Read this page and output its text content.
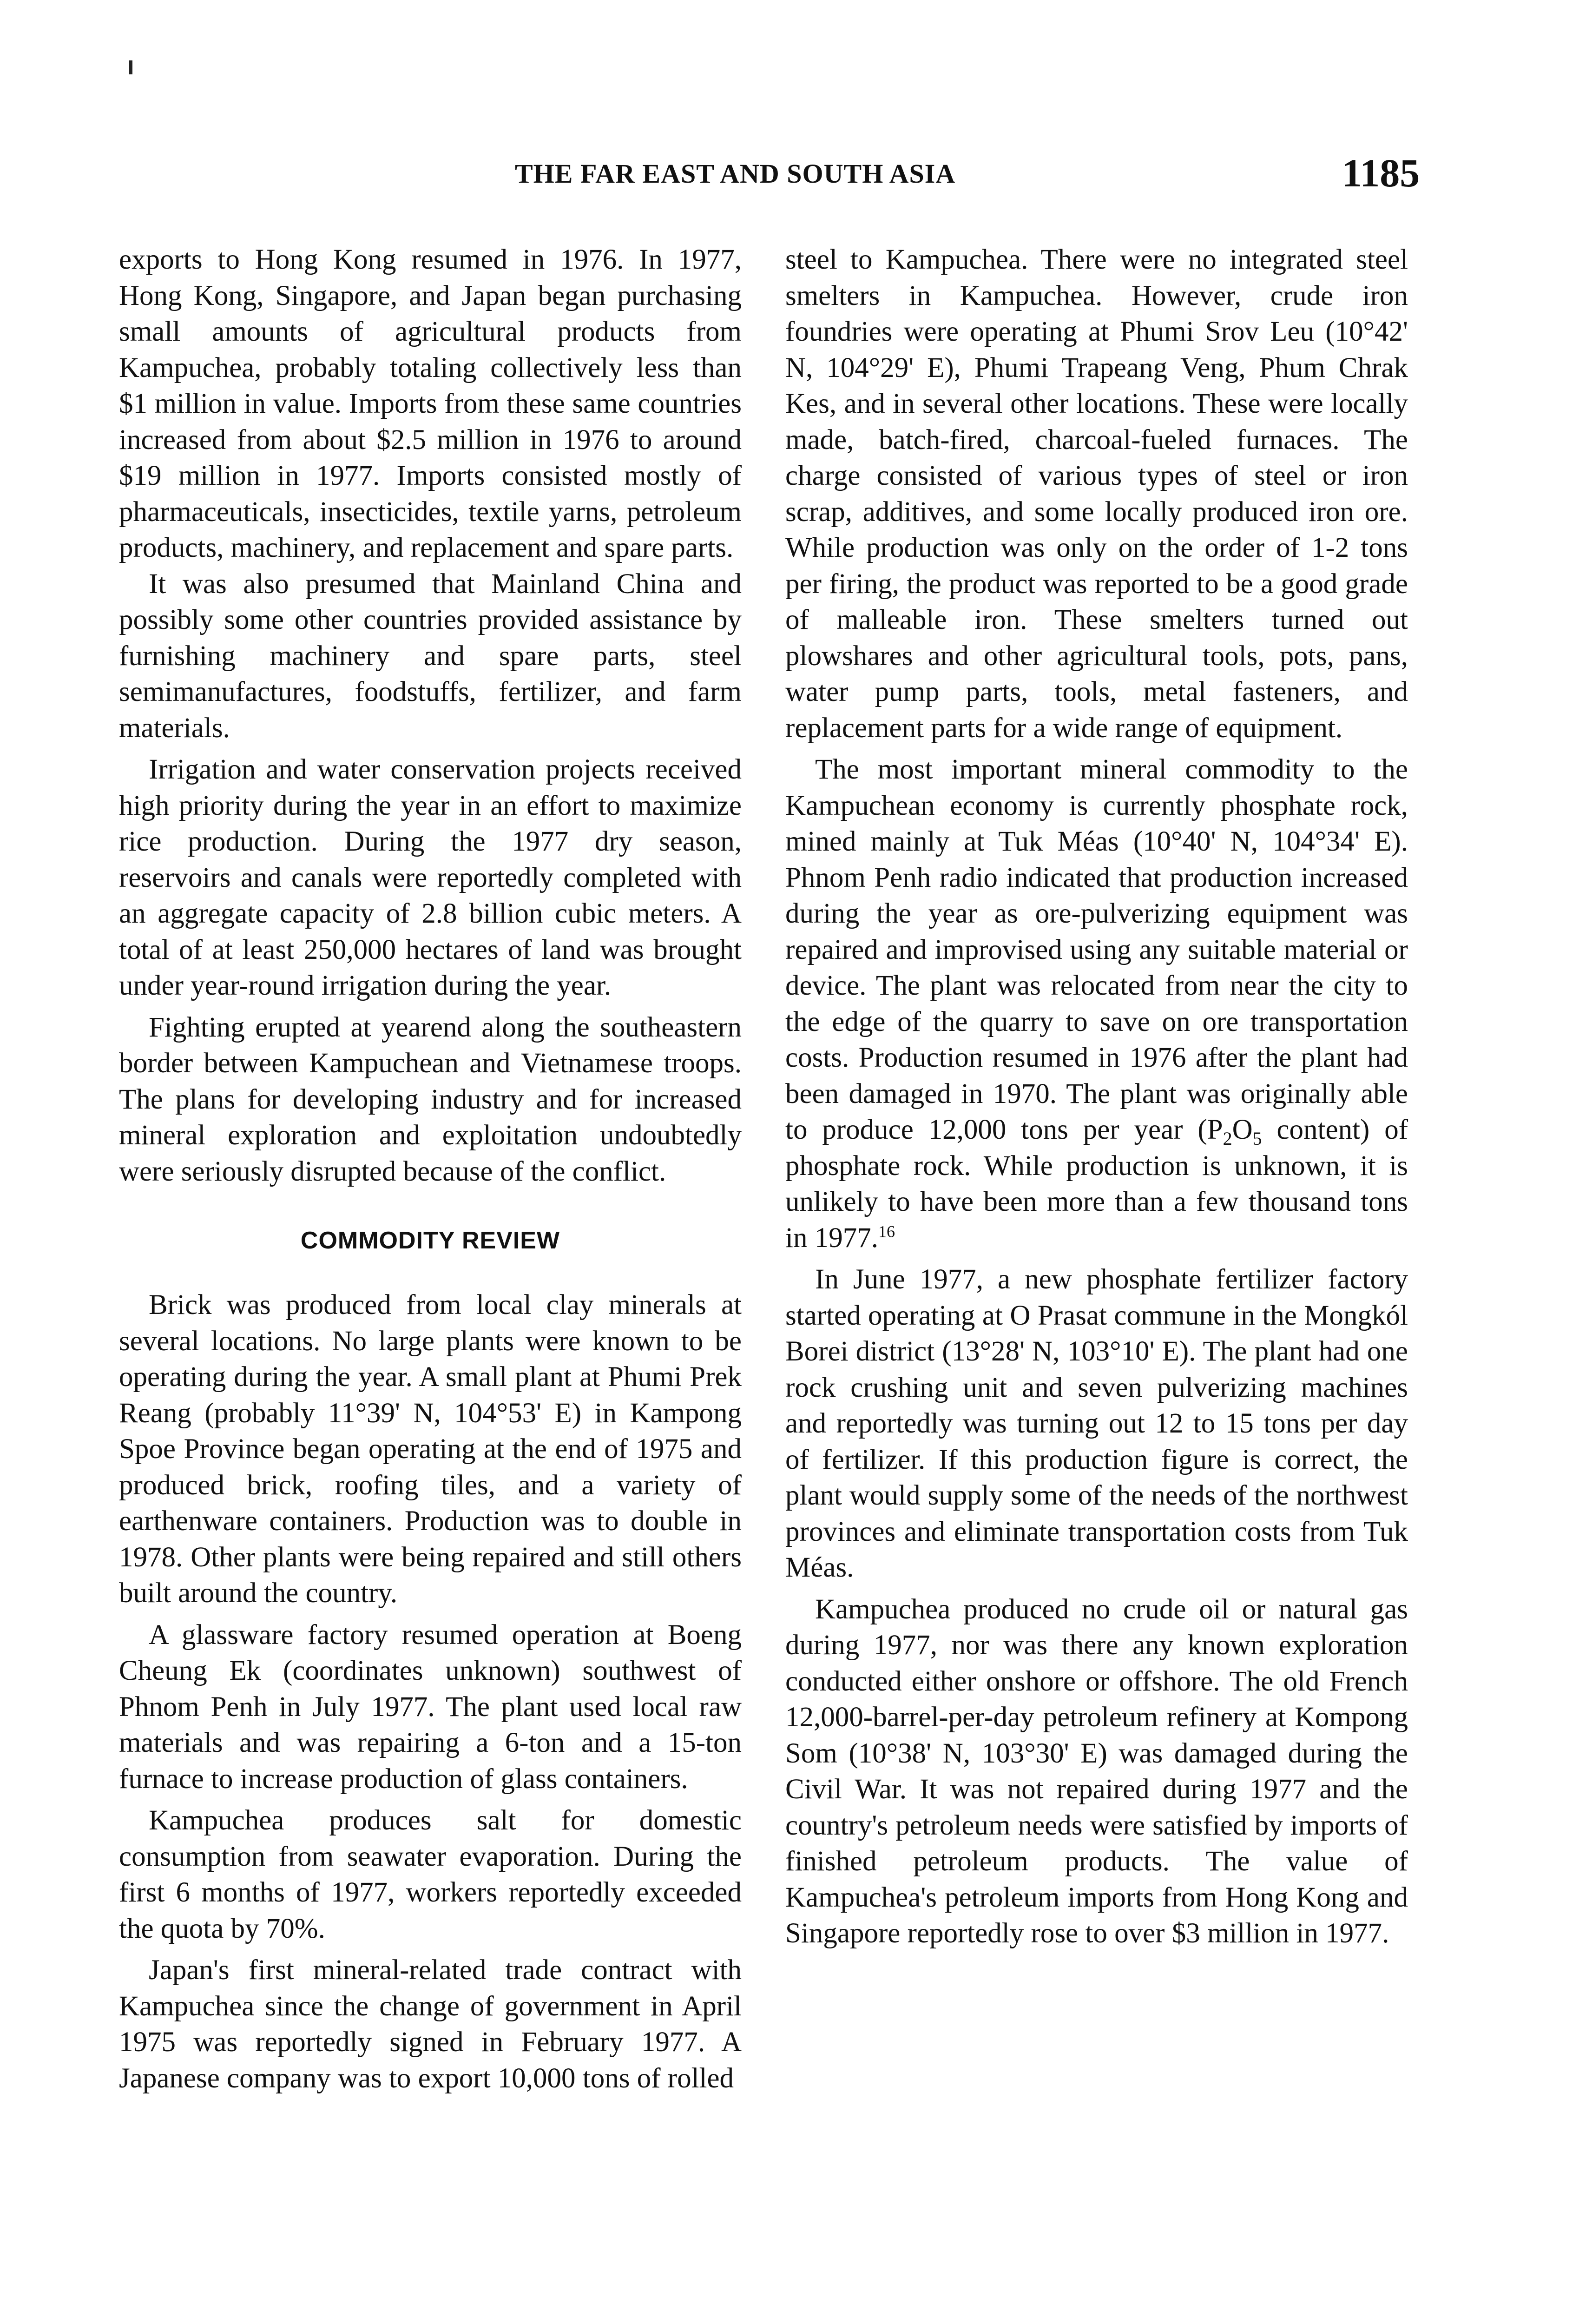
THE FAR EAST AND SOUTH ASIA	1185

exports to Hong Kong resumed in 1976. In 1977, Hong Kong, Singapore, and Japan began purchasing small amounts of agricultural products from Kampuchea, probably totaling collectively less than $1 million in value. Imports from these same countries increased from about $2.5 million in 1976 to around $19 million in 1977. Imports consisted mostly of pharmaceuticals, insecticides, textile yarns, petroleum products, machinery, and replacement and spare parts.

It was also presumed that Mainland China and possibly some other countries provided assistance by furnishing machinery and spare parts, steel semimanufactures, foodstuffs, fertilizer, and farm materials.

Irrigation and water conservation projects received high priority during the year in an effort to maximize rice production. During the 1977 dry season, reservoirs and canals were reportedly completed with an aggregate capacity of 2.8 billion cubic meters. A total of at least 250,000 hectares of land was brought under year-round irrigation during the year.

Fighting erupted at yearend along the southeastern border between Kampuchean and Vietnamese troops. The plans for developing industry and for increased mineral exploration and exploitation undoubtedly were seriously disrupted because of the conflict.

COMMODITY REVIEW

Brick was produced from local clay minerals at several locations. No large plants were known to be operating during the year. A small plant at Phumi Prek Reang (probably 11°39' N, 104°53' E) in Kampong Spoe Province began operating at the end of 1975 and produced brick, roofing tiles, and a variety of earthenware containers. Production was to double in 1978. Other plants were being repaired and still others built around the country.

A glassware factory resumed operation at Boeng Cheung Ek (coordinates unknown) southwest of Phnom Penh in July 1977. The plant used local raw materials and was repairing a 6-ton and a 15-ton furnace to increase production of glass containers.

Kampuchea produces salt for domestic consumption from seawater evaporation. During the first 6 months of 1977, workers reportedly exceeded the quota by 70%.

Japan's first mineral-related trade contract with Kampuchea since the change of government in April 1975 was reportedly signed in February 1977. A Japanese company was to export 10,000 tons of rolled

steel to Kampuchea. There were no integrated steel smelters in Kampuchea. However, crude iron foundries were operating at Phumi Srov Leu (10°42' N, 104°29' E), Phumi Trapeang Veng, Phum Chrak Kes, and in several other locations. These were locally made, batch-fired, charcoal-fueled furnaces. The charge consisted of various types of steel or iron scrap, additives, and some locally produced iron ore. While production was only on the order of 1-2 tons per firing, the product was reported to be a good grade of malleable iron. These smelters turned out plowshares and other agricultural tools, pots, pans, water pump parts, tools, metal fasteners, and replacement parts for a wide range of equipment.

The most important mineral commodity to the Kampuchean economy is currently phosphate rock, mined mainly at Tuk Méas (10°40' N, 104°34' E). Phnom Penh radio indicated that production increased during the year as ore-pulverizing equipment was repaired and improvised using any suitable material or device. The plant was relocated from near the city to the edge of the quarry to save on ore transportation costs. Production resumed in 1976 after the plant had been damaged in 1970. The plant was originally able to produce 12,000 tons per year ($P_2O_5$ content) of phosphate rock. While production is unknown, it is unlikely to have been more than a few thousand tons in 1977.16

In June 1977, a new phosphate fertilizer factory started operating at O Prasat commune in the Mongkól Borei district (13°28' N, 103°10' E). The plant had one rock crushing unit and seven pulverizing machines and reportedly was turning out 12 to 15 tons per day of fertilizer. If this production figure is correct, the plant would supply some of the needs of the northwest provinces and eliminate transportation costs from Tuk Méas.

Kampuchea produced no crude oil or natural gas during 1977, nor was there any known exploration conducted either onshore or offshore. The old French 12,000-barrel-per-day petroleum refinery at Kompong Som (10°38' N, 103°30' E) was damaged during the Civil War. It was not repaired during 1977 and the country's petroleum needs were satisfied by imports of finished petroleum products. The value of Kampuchea's petroleum imports from Hong Kong and Singapore reportedly rose to over $3 million in 1977.
